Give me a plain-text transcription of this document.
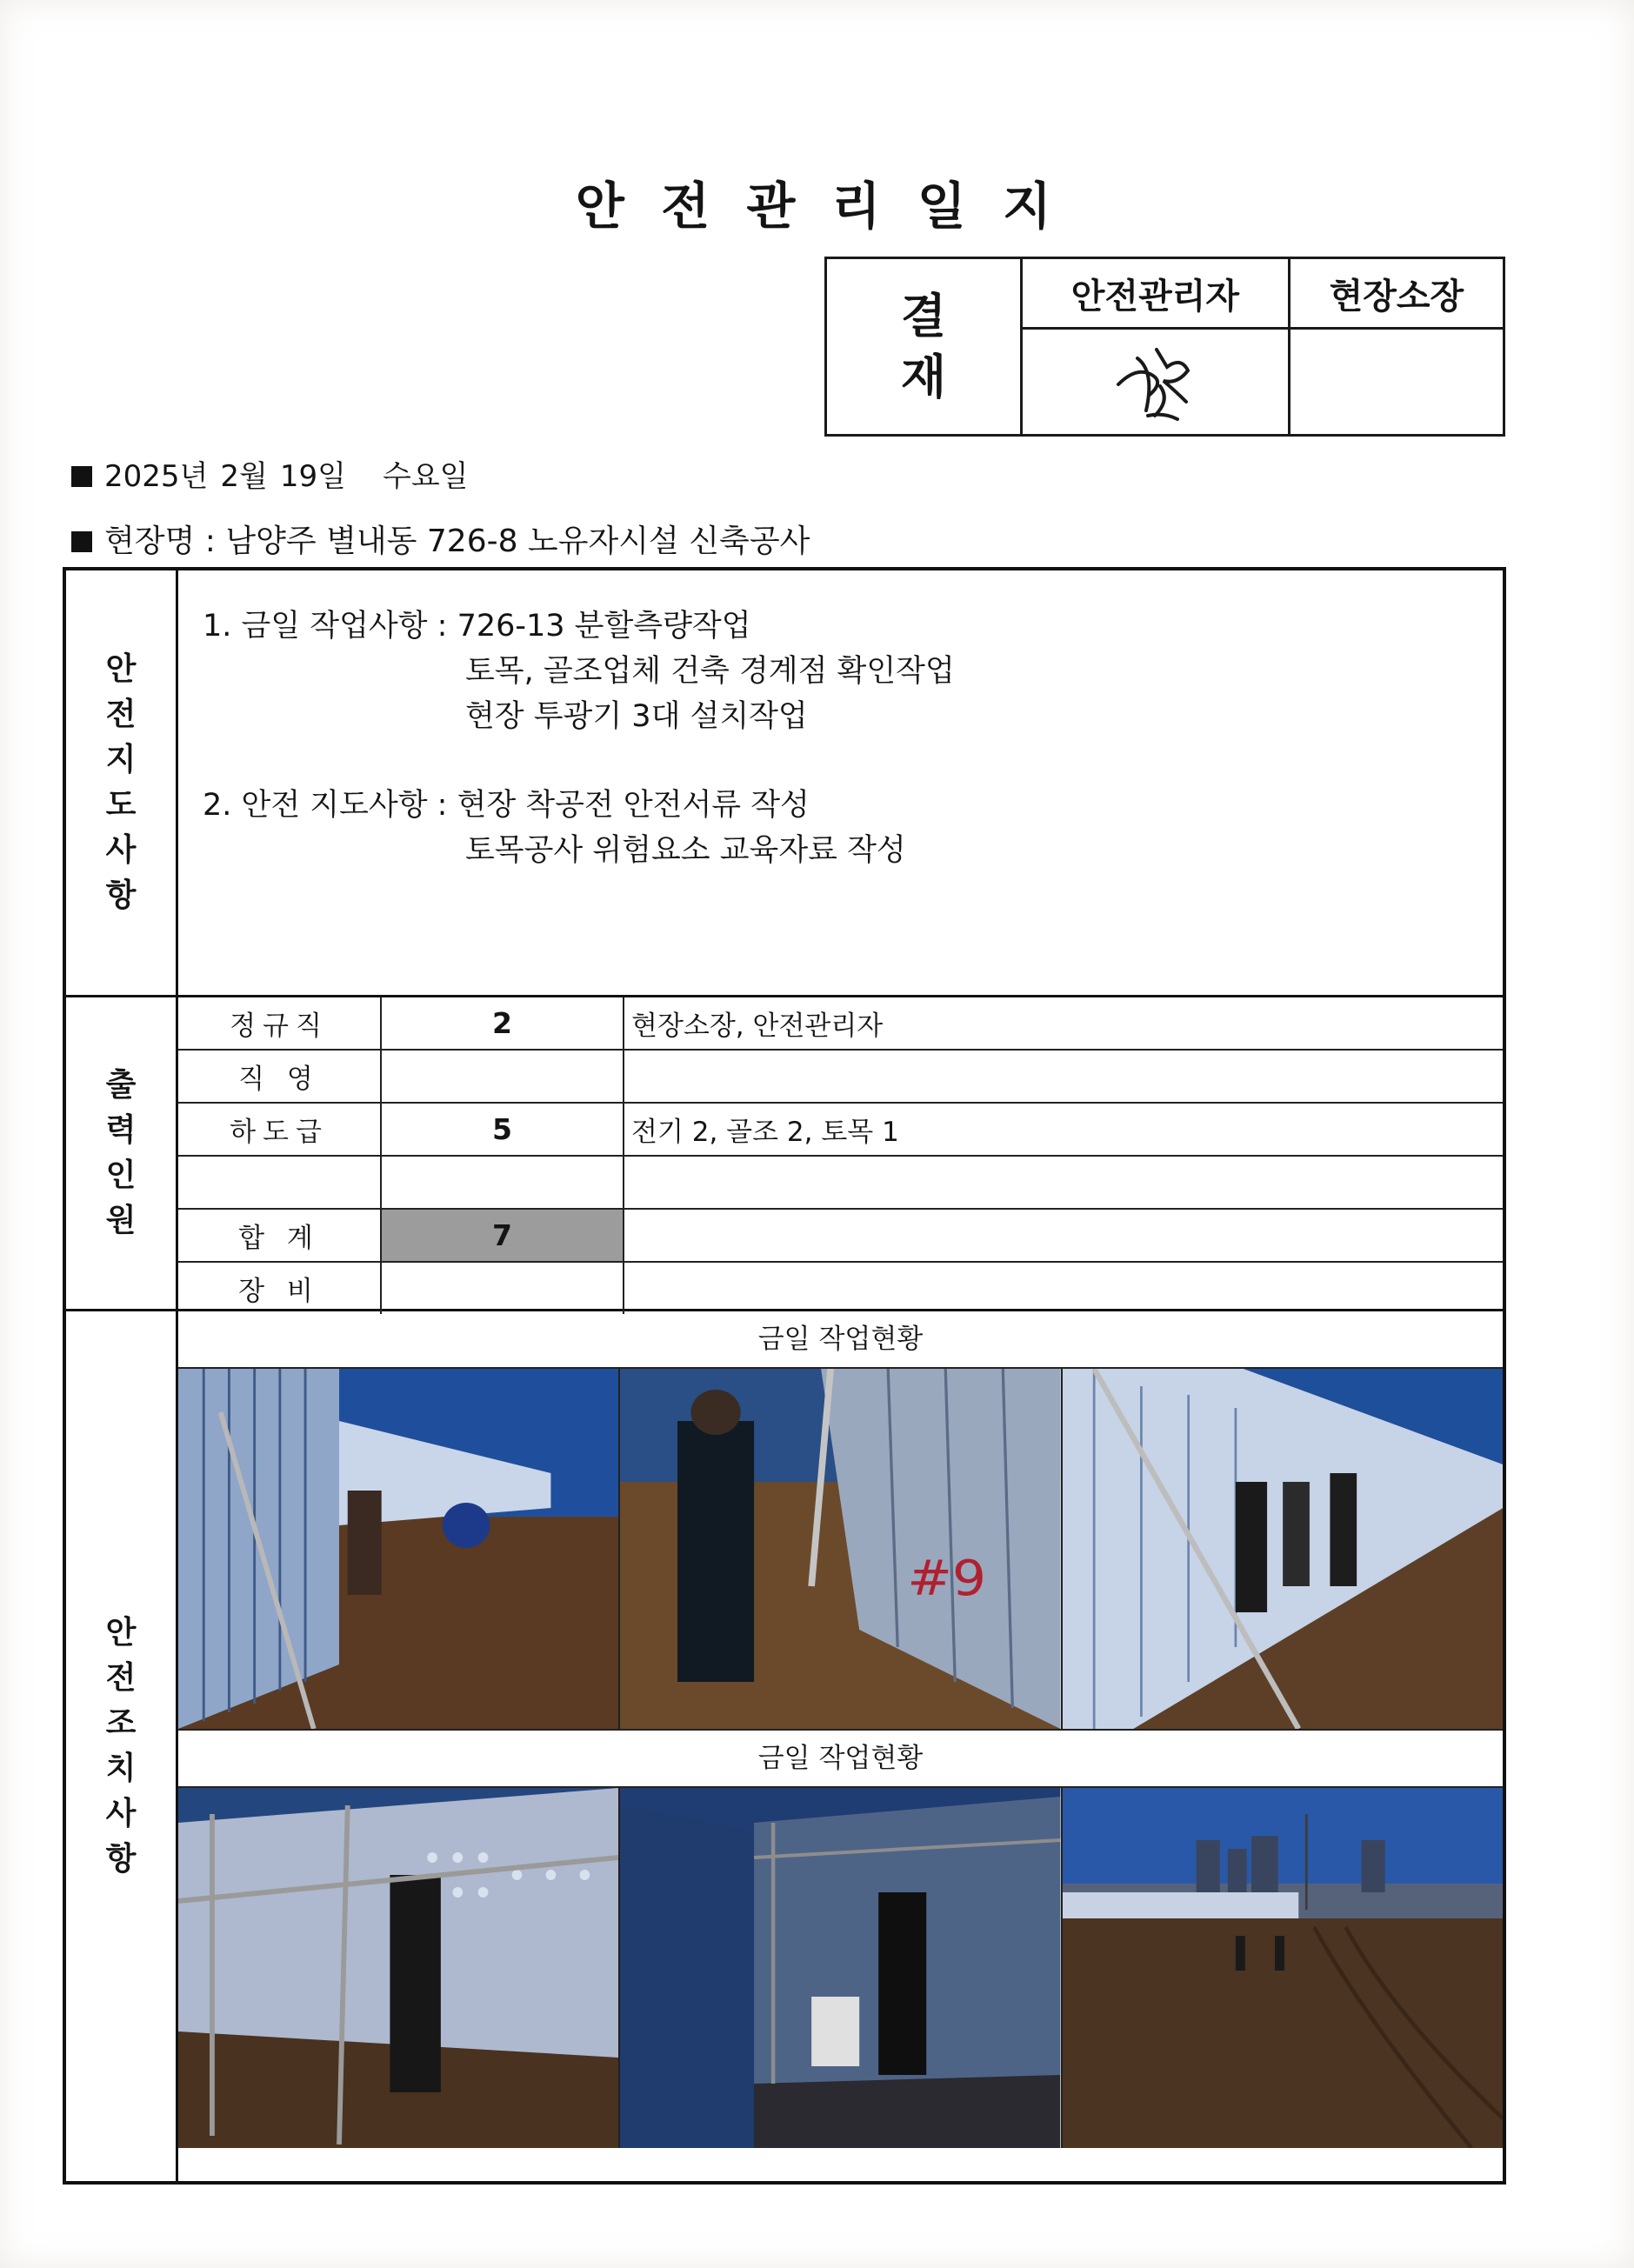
안 전 관 리 일 지
결
재	안전관리자	현장소장

2025년 2월 19일 수요일
현장명 : 남양주 별내동 726-8 노유자시설 신축공사
안
전
지
도
사
항
1. 금일 작업사항 : 726-13 분할측량작업
토목, 골조업체 건축 경계점 확인작업
현장 투광기 3대 설치작업
2. 안전 지도사항 : 현장 착공전 안전서류 작성
토목공사 위험요소 교육자료 작성
출
력
인
원
정규직	2	현장소장, 안전관리자
직 영		
하도급	5	전기 2, 골조 2, 토목 1

합 계	7	
장 비		
안
전
조
치
사
항
금일 작업현황
#9
금일 작업현황
